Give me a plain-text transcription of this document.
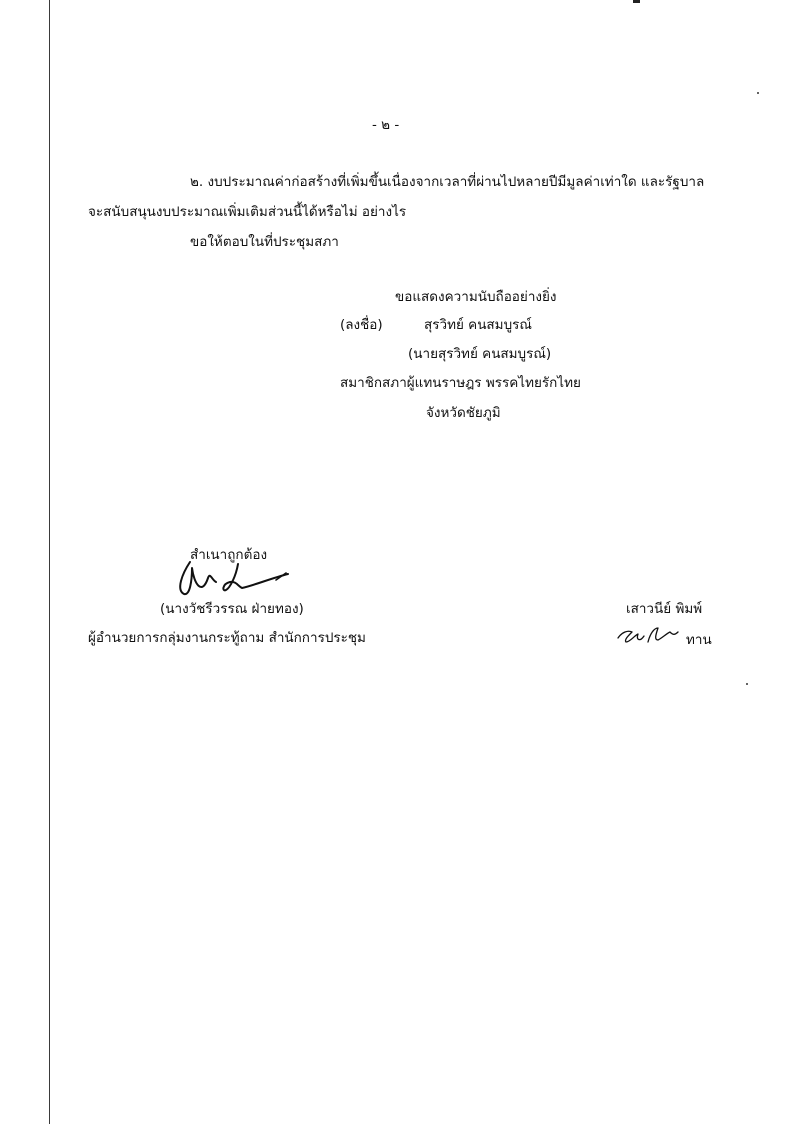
- ๒ -
๒. งบประมาณค่าก่อสร้างที่เพิ่มขึ้นเนื่องจากเวลาที่ผ่านไปหลายปีมีมูลค่าเท่าใด และรัฐบาล
จะสนับสนุนงบประมาณเพิ่มเติมส่วนนี้ได้หรือไม่ อย่างไร
ขอให้ตอบในที่ประชุมสภา
ขอแสดงความนับถืออย่างยิ่ง
(ลงชื่อ)	สุรวิทย์ คนสมบูรณ์
(นายสุรวิทย์ คนสมบูรณ์)
สมาชิกสภาผู้แทนราษฎร พรรคไทยรักไทย
จังหวัดชัยภูมิ
สำเนาถูกต้อง
(นางวัชรีวรรณ ฝ่ายทอง)
ผู้อำนวยการกลุ่มงานกระทู้ถาม สำนักการประชุม
เสาวนีย์ พิมพ์
ทาน
